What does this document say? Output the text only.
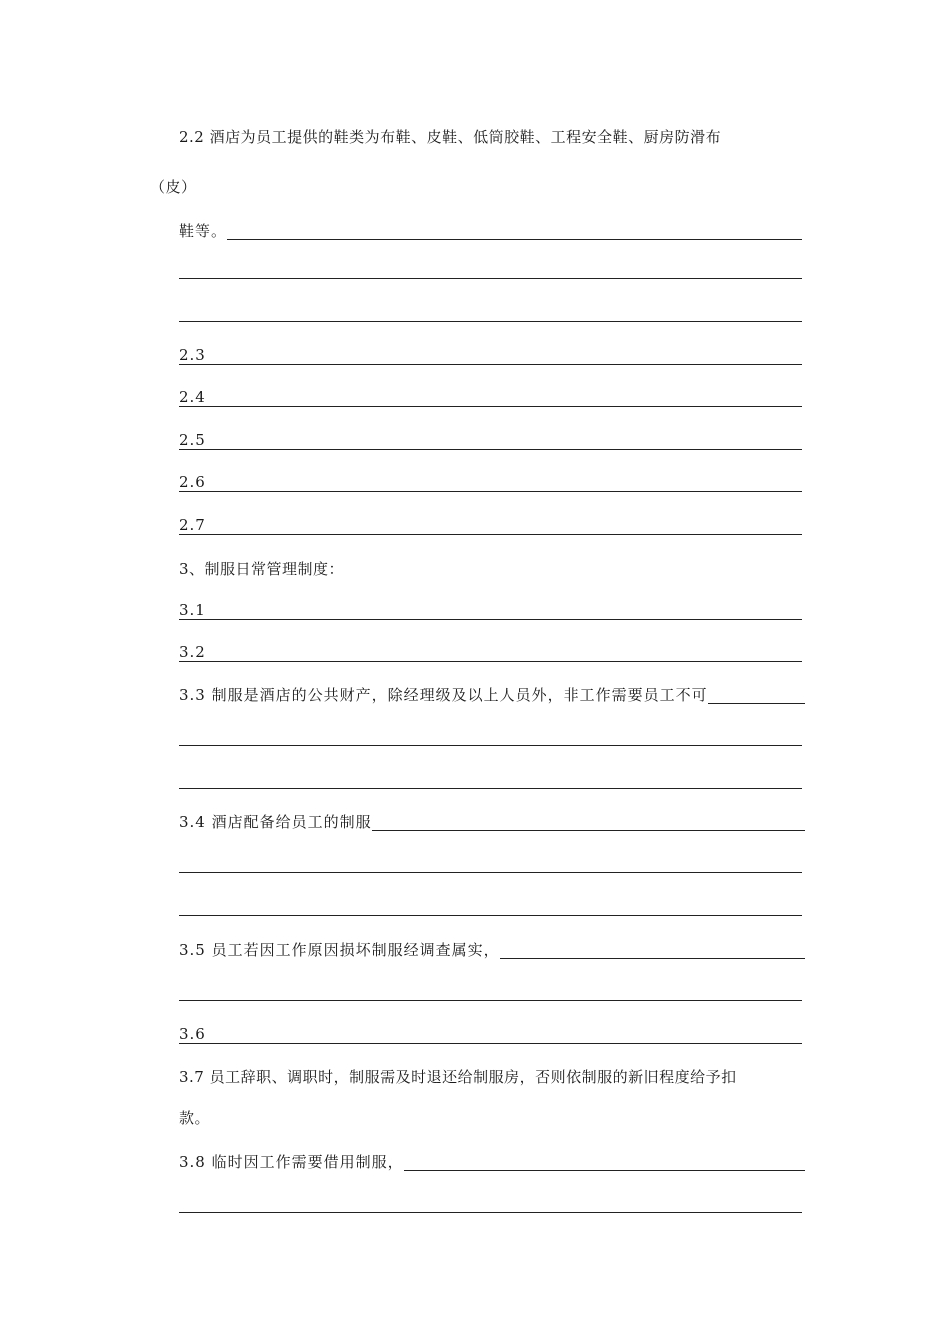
2.2 酒店为员工提供的鞋类为布鞋、皮鞋、低筒胶鞋、工程安全鞋、厨房防滑布
（皮）
鞋等。
2.3
2.4
2.5
2.6
2.7
3、制服日常管理制度：
3.1
3.2
3.3 制服是酒店的公共财产，除经理级及以上人员外，非工作需要员工不可
3.4 酒店配备给员工的制服
3.5 员工若因工作原因损坏制服经调查属实，
3.6
3.7 员工辞职、调职时，制服需及时退还给制服房，否则依制服的新旧程度给予扣
款。
3.8 临时因工作需要借用制服，
